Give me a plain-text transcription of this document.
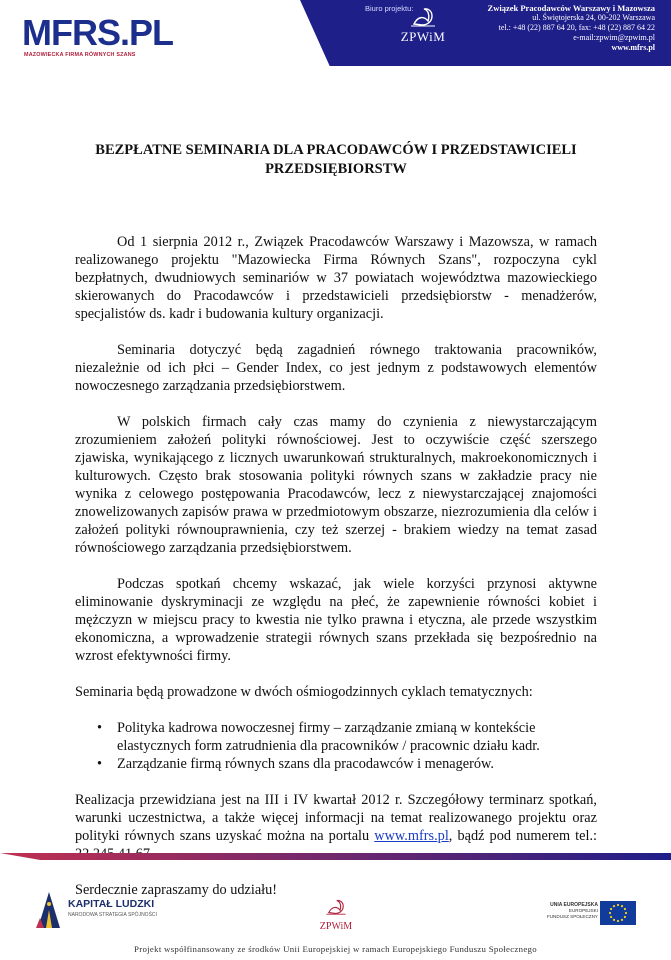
MFRS.PL
MAZOWIECKA FIRMA RÓWNYCH SZANS
Biuro projektu:
ZPWiM
Związek Pracodawców Warszawy i Mazowsza
ul. Świętojerska 24, 00-202 Warszawa
tel.: +48 (22) 887 64 20, fax: +48 (22) 887 64 22
e-mail:zpwim@zpwim.pl
www.mfrs.pl
BEZPŁATNE SEMINARIA DLA PRACODAWCÓW I PRZEDSTAWICIELI PRZEDSIĘBIORSTW

Od 1 sierpnia 2012 r., Związek Pracodawców Warszawy i Mazowsza, w ramach realizowanego projektu "Mazowiecka Firma Równych Szans", rozpoczyna cykl bezpłatnych, dwudniowych seminariów w 37 powiatach województwa mazowieckiego skierowanych do Pracodawców i przedstawicieli przedsiębiorstw - menadżerów, specjalistów ds. kadr i budowania kultury organizacji.

Seminaria dotyczyć będą zagadnień równego traktowania pracowników, niezależnie od ich płci – Gender Index, co jest jednym z podstawowych elementów nowoczesnego zarządzania przedsiębiorstwem.

W polskich firmach cały czas mamy do czynienia z niewystarczającym zrozumieniem założeń polityki równościowej. Jest to oczywiście część szerszego zjawiska, wynikającego z licznych uwarunkowań strukturalnych, makroekonomicznych i kulturowych. Często brak stosowania polityki równych szans w zakładzie pracy nie wynika z celowego postępowania Pracodawców, lecz z niewystarczającej znajomości znowelizowanych zapisów prawa w przedmiotowym obszarze, niezrozumienia dla celów i założeń polityki równouprawnienia, czy też szerzej - brakiem wiedzy na temat zasad równościowego zarządzania przedsiębiorstwem.

Podczas spotkań chcemy wskazać, jak wiele korzyści przynosi aktywne eliminowanie dyskryminacji ze względu na płeć, że zapewnienie równości kobiet i mężczyzn w miejscu pracy to kwestia nie tylko prawna i etyczna, ale przede wszystkim ekonomiczna, a wprowadzenie strategii równych szans przekłada się bezpośrednio na wzrost efektywności firmy.

Seminaria będą prowadzone w dwóch ośmiogodzinnych cyklach tematycznych:

• Polityka kadrowa nowoczesnej firmy – zarządzanie zmianą w kontekście elastycznych form zatrudnienia dla pracowników / pracownic działu kadr.
• Zarządzanie firmą równych szans dla pracodawców i menagerów.

Realizacja przewidziana jest na III i IV kwartał 2012 r. Szczegółowy terminarz spotkań, warunki uczestnictwa, a także więcej informacji na temat realizowanego projektu oraz polityki równych szans uzyskać można na portalu www.mfrs.pl, bądź pod numerem tel.:

Serdecznie zapraszamy do udziału!

KAPITAŁ LUDZKI
NARODOWA STRATEGIA SPÓJNOŚCI
ZPWiM
UNIA EUROPEJSKA
EUROPEJSKI
FUNDUSZ SPOŁECZNY
Projekt współfinansowany ze środków Unii Europejskiej w ramach Europejskiego Funduszu Społecznego
